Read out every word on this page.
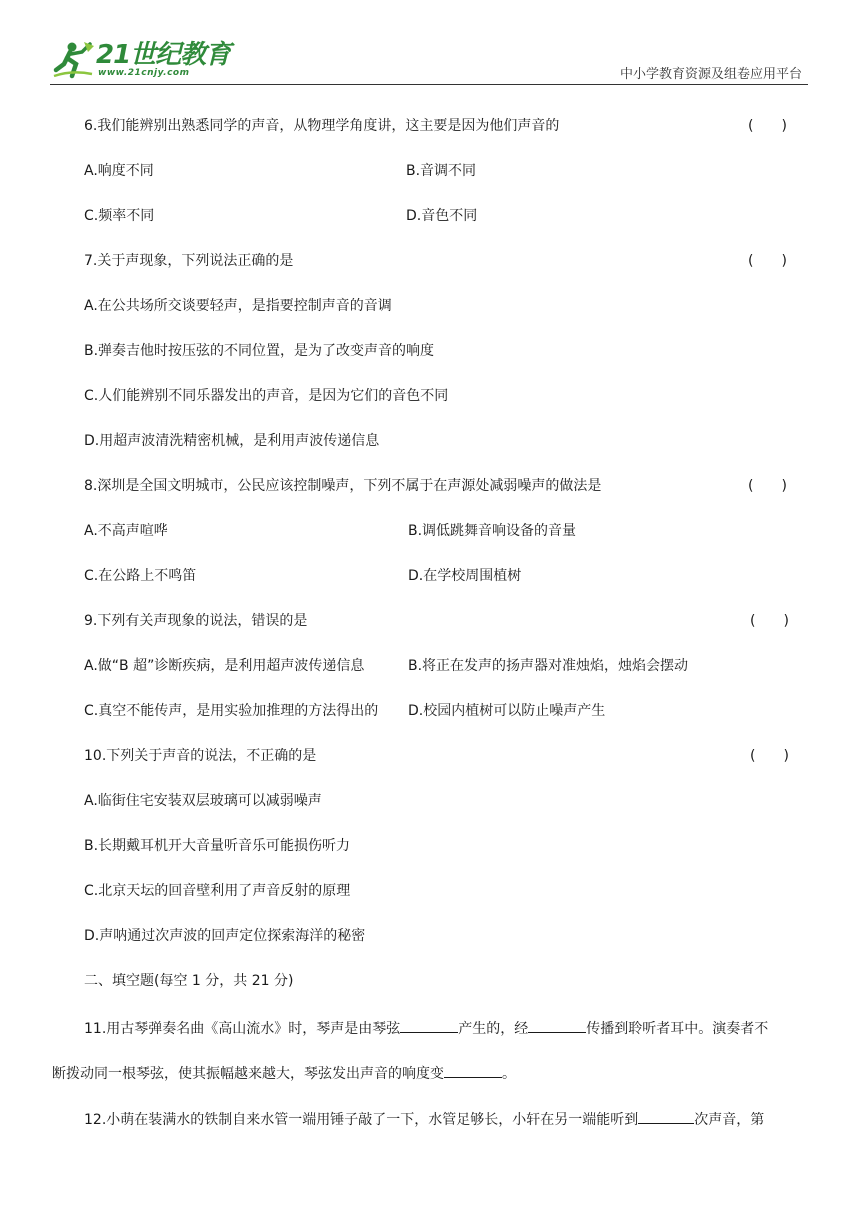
21世纪教育
www.21cnjy.com	中小学教育资源及组卷应用平台
6.我们能辨别出熟悉同学的声音，从物理学角度讲，这主要是因为他们声音的	(　　)
A.响度不同	B.音调不同
C.频率不同	D.音色不同
7.关于声现象，下列说法正确的是	(　　)
A.在公共场所交谈要轻声，是指要控制声音的音调
B.弹奏吉他时按压弦的不同位置，是为了改变声音的响度
C.人们能辨别不同乐器发出的声音，是因为它们的音色不同
D.用超声波清洗精密机械，是利用声波传递信息
8.深圳是全国文明城市，公民应该控制噪声，下列不属于在声源处减弱噪声的做法是	(　　)
A.不高声喧哗	B.调低跳舞音响设备的音量
C.在公路上不鸣笛	D.在学校周围植树
9.下列有关声现象的说法，错误的是	(　　)
A.做“B 超”诊断疾病，是利用超声波传递信息	B.将正在发声的扬声器对准烛焰，烛焰会摆动
C.真空不能传声，是用实验加推理的方法得出的 D.校园内植树可以防止噪声产生
10.下列关于声音的说法，不正确的是	(　　)
A.临街住宅安装双层玻璃可以减弱噪声
B.长期戴耳机开大音量听音乐可能损伤听力
C.北京天坛的回音壁利用了声音反射的原理
D.声呐通过次声波的回声定位探索海洋的秘密
二、填空题(每空 1 分，共 21 分)
11.用古琴弹奏名曲《高山流水》时，琴声是由琴弦	产生的，经	传播到聆听者耳中。演奏者不
断拨动同一根琴弦，使其振幅越来越大，琴弦发出声音的响度变	。
12.小萌在装满水的铁制自来水管一端用锤子敲了一下，水管足够长，小轩在另一端能听到	次声音，第
